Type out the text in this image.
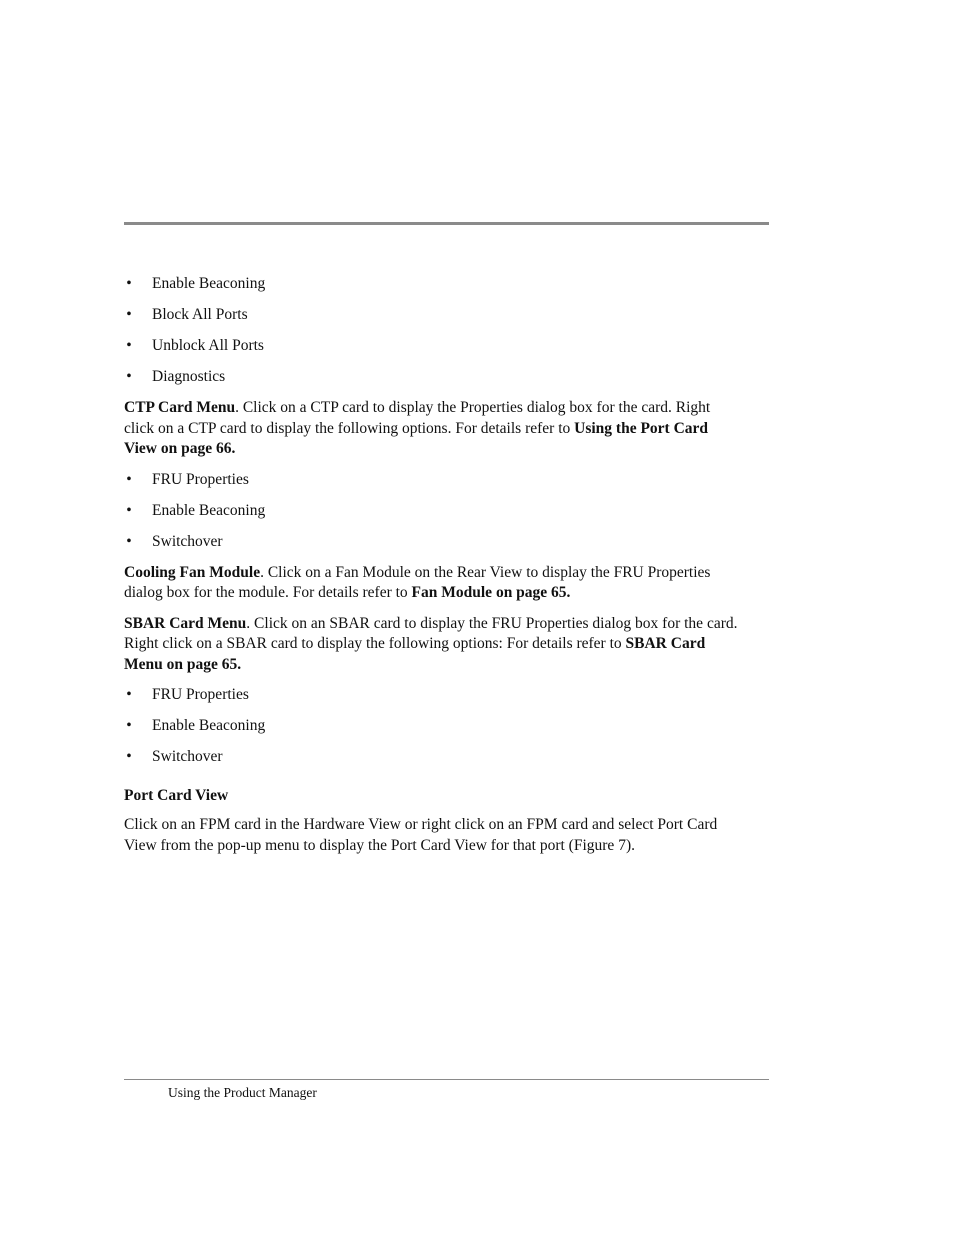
• Enable Beaconing
• Block All Ports
• Unblock All Ports
• Diagnostics

CTP Card Menu. Click on a CTP card to display the Properties dialog box for the card. Right click on a CTP card to display the following options. For details refer to Using the Port Card View on page 66.

• FRU Properties
• Enable Beaconing
• Switchover

Cooling Fan Module. Click on a Fan Module on the Rear View to display the FRU Properties dialog box for the module. For details refer to Fan Module on page 65.

SBAR Card Menu. Click on an SBAR card to display the FRU Properties dialog box for the card. Right click on a SBAR card to display the following options: For details refer to SBAR Card Menu on page 65.

• FRU Properties
• Enable Beaconing
• Switchover
Port Card View

Click on an FPM card in the Hardware View or right click on an FPM card and select Port Card View from the pop-up menu to display the Port Card View for that port (Figure 7).

Using the Product Manager
